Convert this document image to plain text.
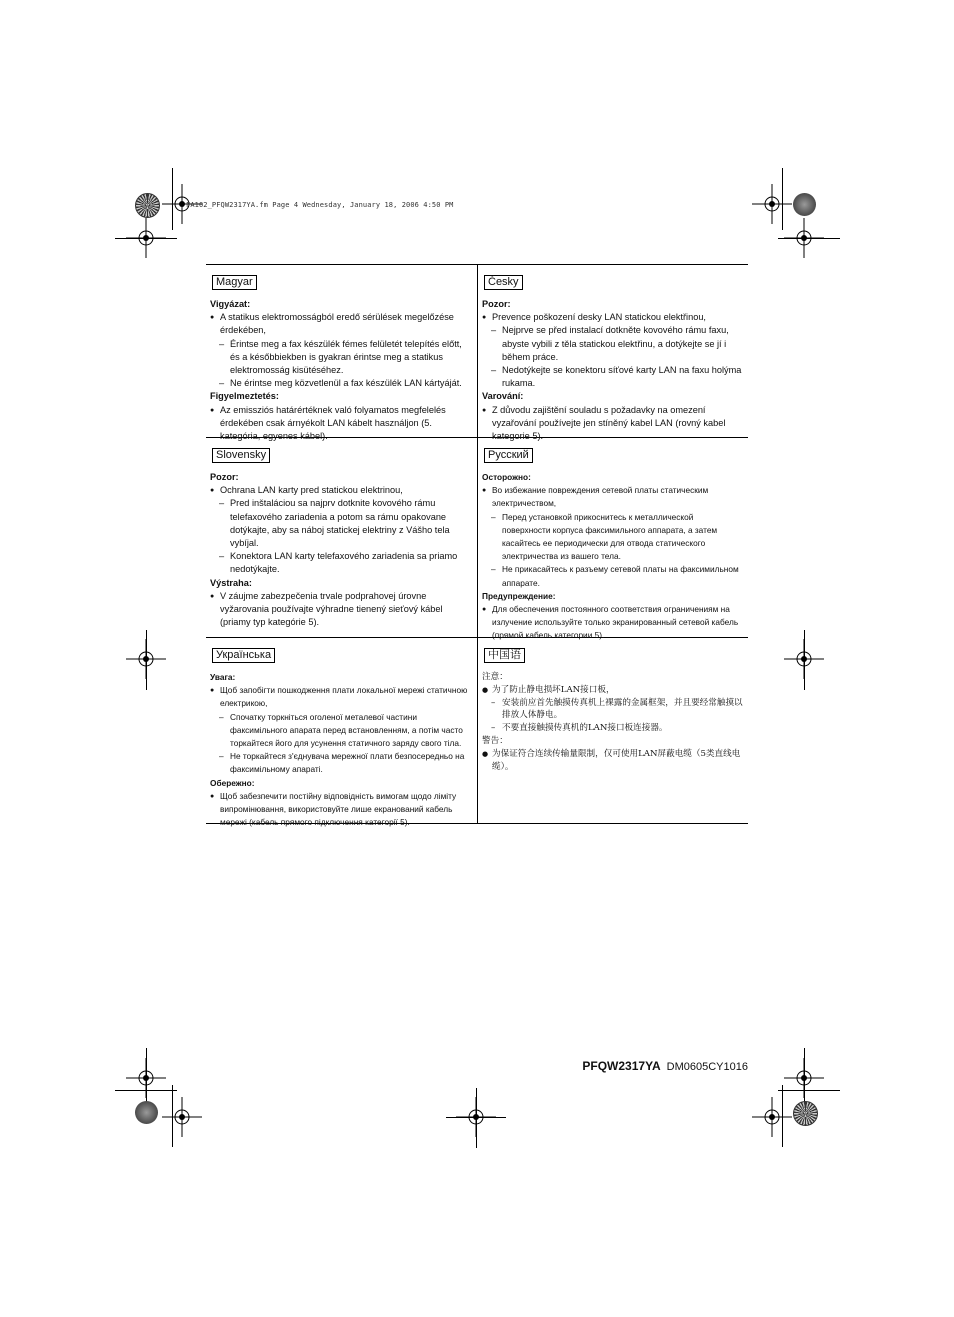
FA102_PFQW2317YA.fm Page 4 Wednesday, January 18, 2006 4:50 PM
Magyar
Vigyázat:
● A statikus elektromosságból eredő sérülések megelőzése érdekében,
– Érintse meg a fax készülék fémes felületét telepítés előtt, és a későbbiekben is gyakran érintse meg a statikus elektromosság kisütéséhez.
– Ne érintse meg közvetlenül a fax készülék LAN kártyáját.
Figyelmeztetés:
● Az emissziós határértéknek való folyamatos megfelelés érdekében csak árnyékolt LAN kábelt használjon (5. kategória, egyenes kábel).
Česky
Pozor:
● Prevence poškození desky LAN statickou elektřinou,
– Nejprve se před instalací dotkněte kovového rámu faxu, abyste vybili z těla statickou elektřinu, a dotýkejte se jí i během práce.
– Nedotýkejte se konektoru síťové karty LAN na faxu holýma rukama.
Varování:
● Z důvodu zajištění souladu s požadavky na omezení vyzařování používejte jen stíněný kabel LAN (rovný kabel kategorie 5).
Slovensky
Pozor:
● Ochrana LAN karty pred statickou elektrinou,
– Pred inštaláciou sa najprv dotknite kovového rámu telefaxového zariadenia a potom sa rámu opakovane dotýkajte, aby sa náboj statickej elektriny z Vášho tela vybíjal.
– Konektora LAN karty telefaxového zariadenia sa priamo nedotýkajte.
Výstraha:
● V záujme zabezpečenia trvale podprahovej úrovne vyžarovania používajte výhradne tienený sieťový kábel (priamy typ kategórie 5).
Русский
Осторожно:
● Во избежание повреждения сетевой платы статическим электричеством,
– Перед установкой прикоснитесь к металлической поверхности корпуса факсимильного аппарата, а затем касайтесь ее периодически для отвода статического электричества из вашего тела.
– Не прикасайтесь к разъему сетевой платы на факсимильном аппарате.
Предупреждение:
● Для обеспечения постоянного соответствия ограничениям на излучение используйте только экранированный сетевой кабель (прямой кабель категории 5).
Українська
Увага:
● Щоб запобігти пошкодження плати локальної мережі статичною електрикою,
– Спочатку торкніться оголеної металевої частини факсимільного апарата перед встановленням, а потім часто торкайтеся його для усунення статичного заряду свого тіла.
– Не торкайтеся з'єднувача мережної плати безпосередньо на факсимільному апараті.
Обережно:
● Щоб забезпечити постійну відповідність вимогам щодо ліміту випромінювання, використовуйте лише екранований кабель мережі (кабель прямого підключення категорії 5).
中国语
注意：
● 为了防止静电损坏LAN接口板，
– 安装前应首先触摸传真机上裸露的金属框架，并且要经常触摸以排放人体静电。
– 不要直接触摸传真机的LAN接口板连接器。
警告：
● 为保证符合连续传输量限制，仅可使用LAN屏蔽电缆（5类直线电缆）。
PFQW2317YA DM0605CY1016
